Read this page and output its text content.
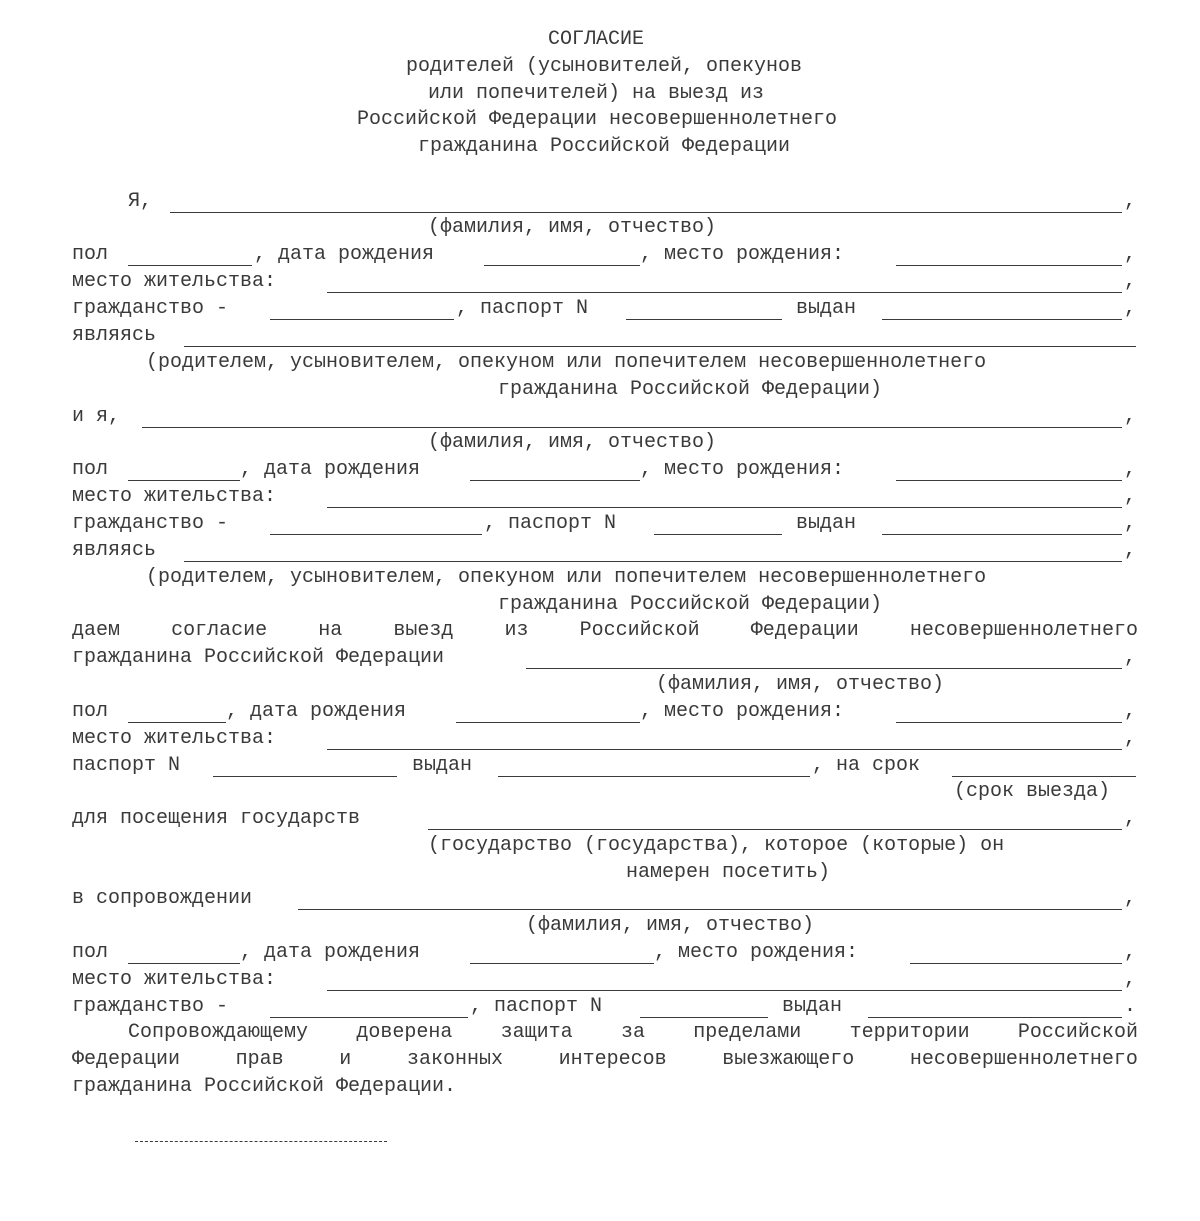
СОГЛАСИЕ
родителей (усыновителей, опекунов
или попечителей) на выезд из
Российской Федерации несовершеннолетнего
гражданина Российской Федерации
Я,	,
(фамилия, имя, отчество)
пол	, дата рождения	, место рождения:	,
место жительства:	,
гражданство -	, паспорт N	выдан	,
являясь
(родителем, усыновителем, опекуном или попечителем несовершеннолетнего
гражданина Российской Федерации)
и я,	,
(фамилия, имя, отчество)
пол	, дата рождения	, место рождения:	,
место жительства:	,
гражданство -	, паспорт N	выдан	,
являясь	,
(родителем, усыновителем, опекуном или попечителем несовершеннолетнего
гражданина Российской Федерации)
даем	согласие	на	выезд	из	Российской	Федерации	несовершеннолетнего
гражданина Российской Федерации	,
(фамилия, имя, отчество)
пол	, дата рождения	, место рождения:	,
место жительства:	,
паспорт N	выдан	, на срок
(срок выезда)
для посещения государств	,
(государство (государства), которое (которые) он
намерен посетить)
в сопровождении	,
(фамилия, имя, отчество)
пол	, дата рождения	, место рождения:	,
место жительства:	,
гражданство -	, паспорт N	выдан	.
Сопровождающему доверена защита за пределами территории Российской
Федерации	прав	и	законных	интересов	выезжающего	несовершеннолетнего
гражданина Российской Федерации.
